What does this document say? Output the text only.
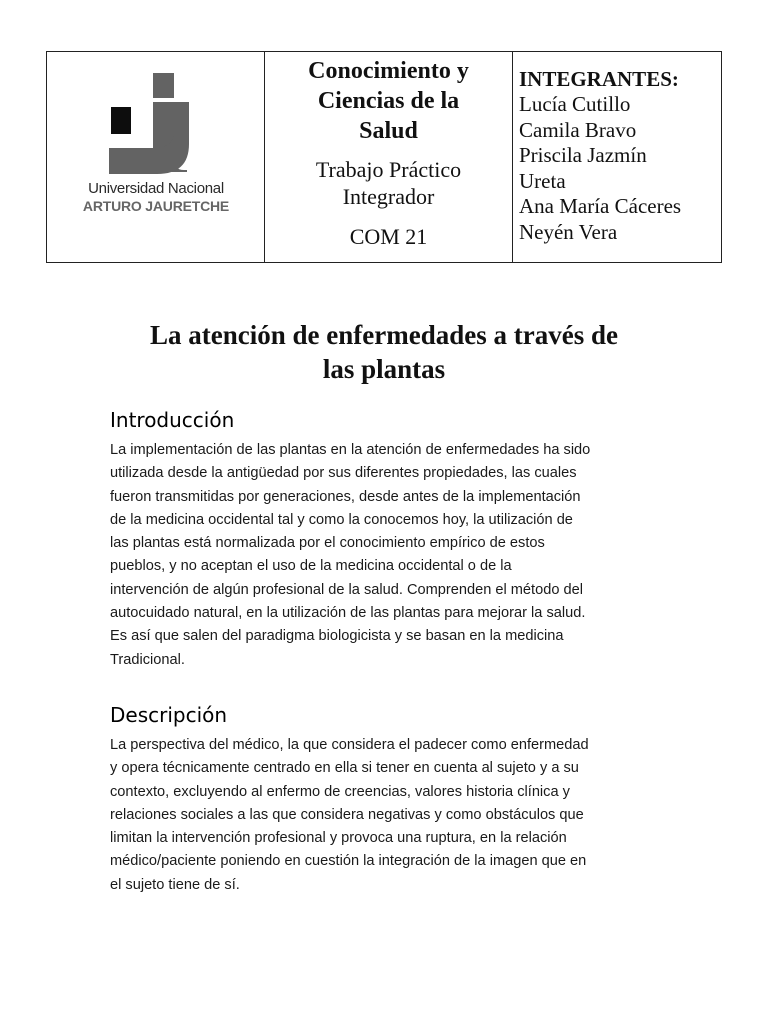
Universidad Nacional
ARTURO JAURETCHE
Conocimiento y
Ciencias de la
Salud
Trabajo Práctico
Integrador
COM 21
INTEGRANTES:
Lucía Cutillo
Camila Bravo
Priscila Jazmín
Ureta
Ana María Cáceres
Neyén Vera
La atención de enfermedades a través de
las plantas
Introducción
La implementación de las plantas en la atención de enfermedades ha sido
utilizada desde la antigüedad por sus diferentes propiedades, las cuales
fueron transmitidas por generaciones, desde antes de la implementación
de la medicina occidental tal y como la conocemos hoy, la utilización de
las plantas está normalizada por el conocimiento empírico de estos
pueblos, y no aceptan el uso de la medicina occidental o de la
intervención de algún profesional de la salud. Comprenden el método del
autocuidado natural, en la utilización de las plantas para mejorar la salud.
Es así que salen del paradigma biologicista y se basan en la medicina
Tradicional.
Descripción
La perspectiva del médico, la que considera el padecer como enfermedad
y opera técnicamente centrado en ella si tener en cuenta al sujeto y a su
contexto, excluyendo al enfermo de creencias, valores historia clínica y
relaciones sociales a las que considera negativas y como obstáculos que
limitan la intervención profesional y provoca una ruptura, en la relación
médico/paciente poniendo en cuestión la integración de la imagen que en
el sujeto tiene de sí.
